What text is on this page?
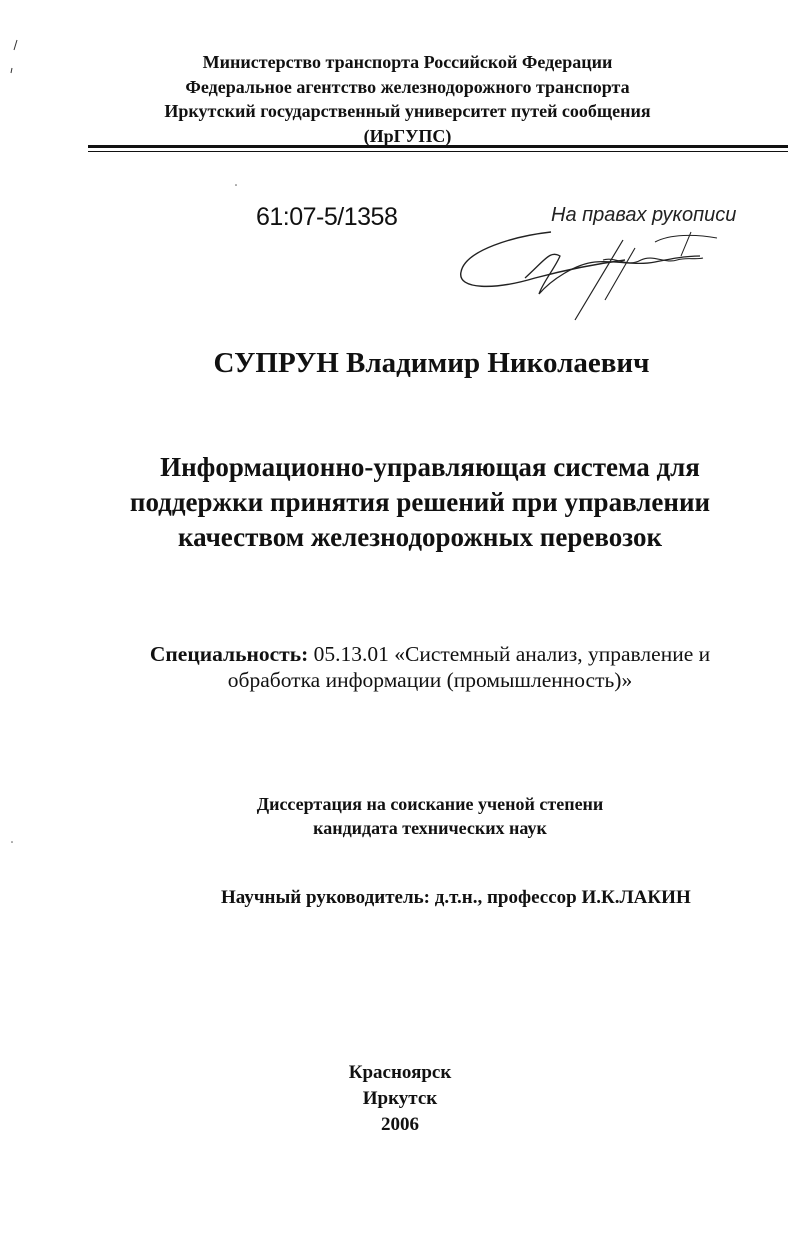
Министерство транспорта Российской Федерации
Федеральное агентство железнодорожного транспорта
Иркутский государственный университет путей сообщения
(ИрГУПС)
61:07-5/1358	На правах рукописи
СУПРУН Владимир Николаевич
Информационно-управляющая система для
поддержки принятия решений при управлении
качеством железнодорожных перевозок
Специальность: 05.13.01 «Системный анализ, управление и
обработка информации (промышленность)»
Диссертация на соискание ученой степени
кандидата технических наук
Научный руководитель: д.т.н., профессор И.К.ЛАКИН
Красноярск
Иркутск
2006
